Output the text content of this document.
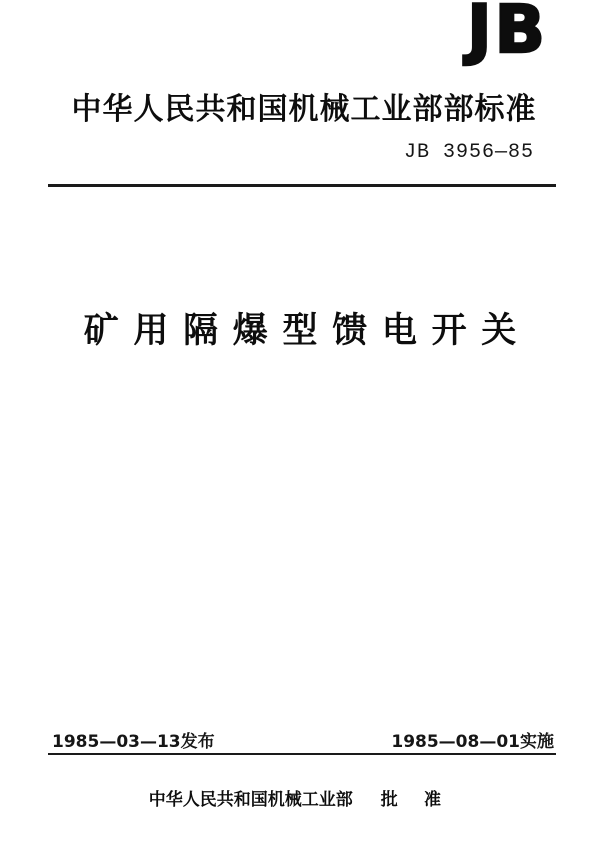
JB
中华人民共和国机械工业部部标准
JB 3956—85
矿用隔爆型馈电开关
1985—03—13发布	1985—08—01实施
中华人民共和国机械工业部 批 准
